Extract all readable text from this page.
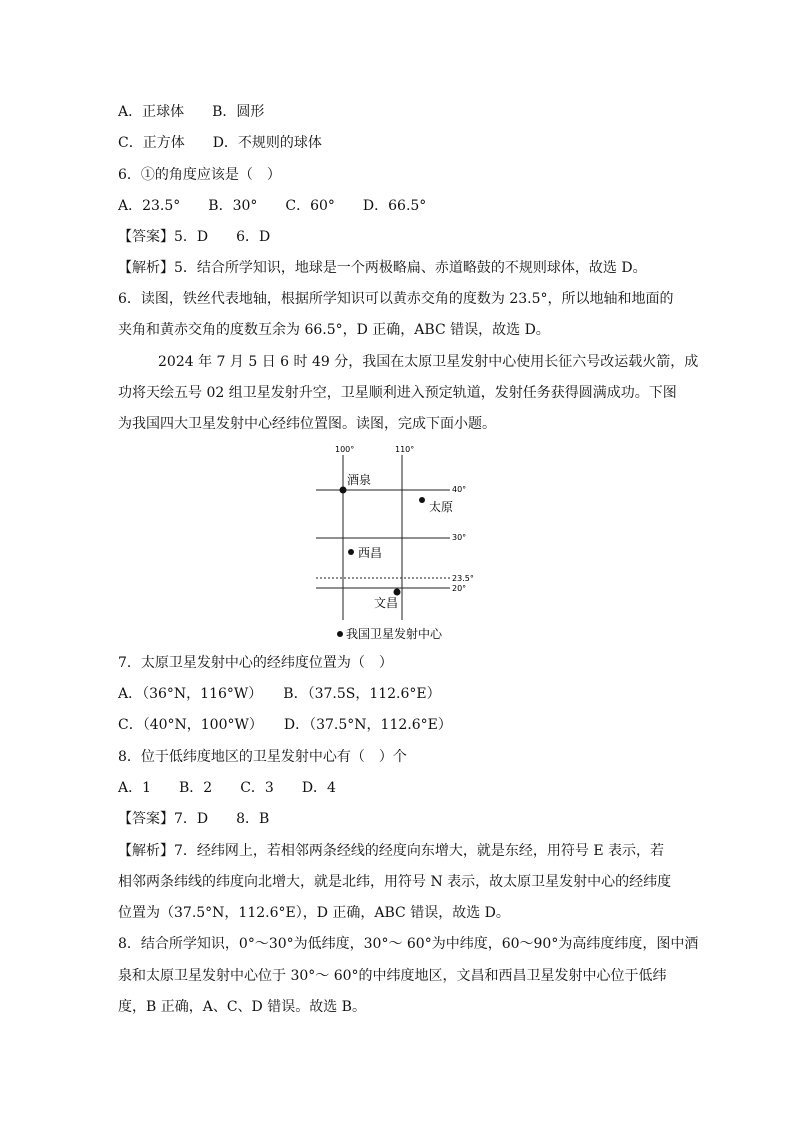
A．正球体　　B．圆形
C．正方体　　D．不规则的球体
6．①的角度应该是（　）
A．23.5°　　B．30°　　C．60°　　D．66.5°
【答案】5．D　　6．D
【解析】5．结合所学知识，地球是一个两极略扁、赤道略鼓的不规则球体，故选 D。
6．读图，铁丝代表地轴，根据所学知识可以黄赤交角的度数为 23.5°，所以地轴和地面的
夹角和黄赤交角的度数互余为 66.5°，D 正确，ABC 错误，故选 D。
2024 年 7 月 5 日 6 时 49 分，我国在太原卫星发射中心使用长征六号改运载火箭，成
功将天绘五号 02 组卫星发射升空，卫星顺利进入预定轨道，发射任务获得圆满成功。下图
为我国四大卫星发射中心经纬位置图。读图，完成下面小题。
100°	110°
40°
30°
23.5°
20°
酒泉
太原
西昌
文昌
我国卫星发射中心
7．太原卫星发射中心的经纬度位置为（　）
A．（36°N，116°W）　　B．（37.5S，112.6°E）
C．（40°N，100°W）　　D．（37.5°N，112.6°E）
8．位于低纬度地区的卫星发射中心有（　）个
A．1　　B．2　　C．3　　D．4
【答案】7．D　　8．B
【解析】7．经纬网上，若相邻两条经线的经度向东增大，就是东经，用符号 E 表示，若
相邻两条纬线的纬度向北增大，就是北纬，用符号 N 表示，故太原卫星发射中心的经纬度
位置为（37.5°N，112.6°E），D 正确，ABC 错误，故选 D。
8．结合所学知识，0°～30°为低纬度，30°～ 60°为中纬度，60～90°为高纬度纬度，图中酒
泉和太原卫星发射中心位于 30°～ 60°的中纬度地区，文昌和西昌卫星发射中心位于低纬
度，B 正确，A、C、D 错误。故选 B。
